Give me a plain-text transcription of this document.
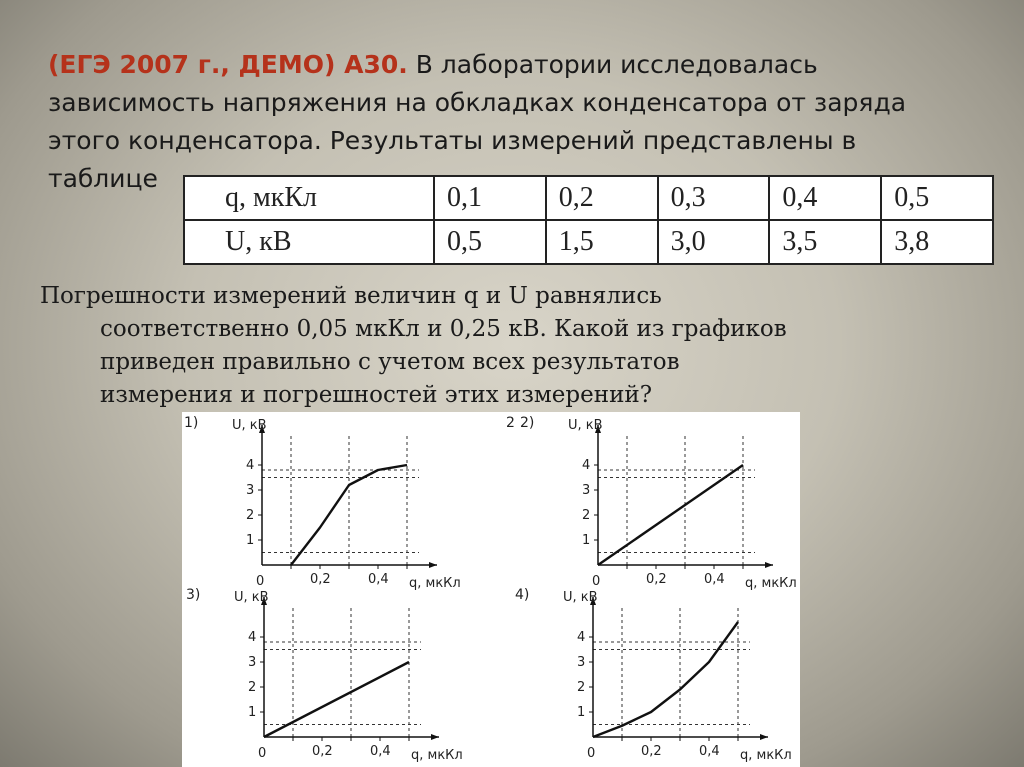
(ЕГЭ 2007 г., ДЕМО) А30. В лаборатории исследовалась
зависимость напряжения на обкладках конденсатора от заряда
этого конденсатора. Результаты измерений представлены в
таблице
q, мкКл	0,1	0,2	0,3	0,4	0,5
U, кВ	0,5	1,5	3,0	3,5	3,8
Погрешности измерений величин q и U равнялись
соответственно 0,05 мкКл и 0,25 кВ. Какой из графиков
приведен правильно с учетом всех результатов
измерения и погрешностей этих измерений?
0	0,2	0,4
1
2
3
4
U, кВ
q, мкКл
1)
0	0,2	0,4
1
2
3
4
U, кВ
q, мкКл
2)
0	0,2	0,4
1
2
3
4
U, кВ
q, мкКл
3)
0	0,2	0,4
1
2
3
4
U, кВ
q, мкКл
4)
2
